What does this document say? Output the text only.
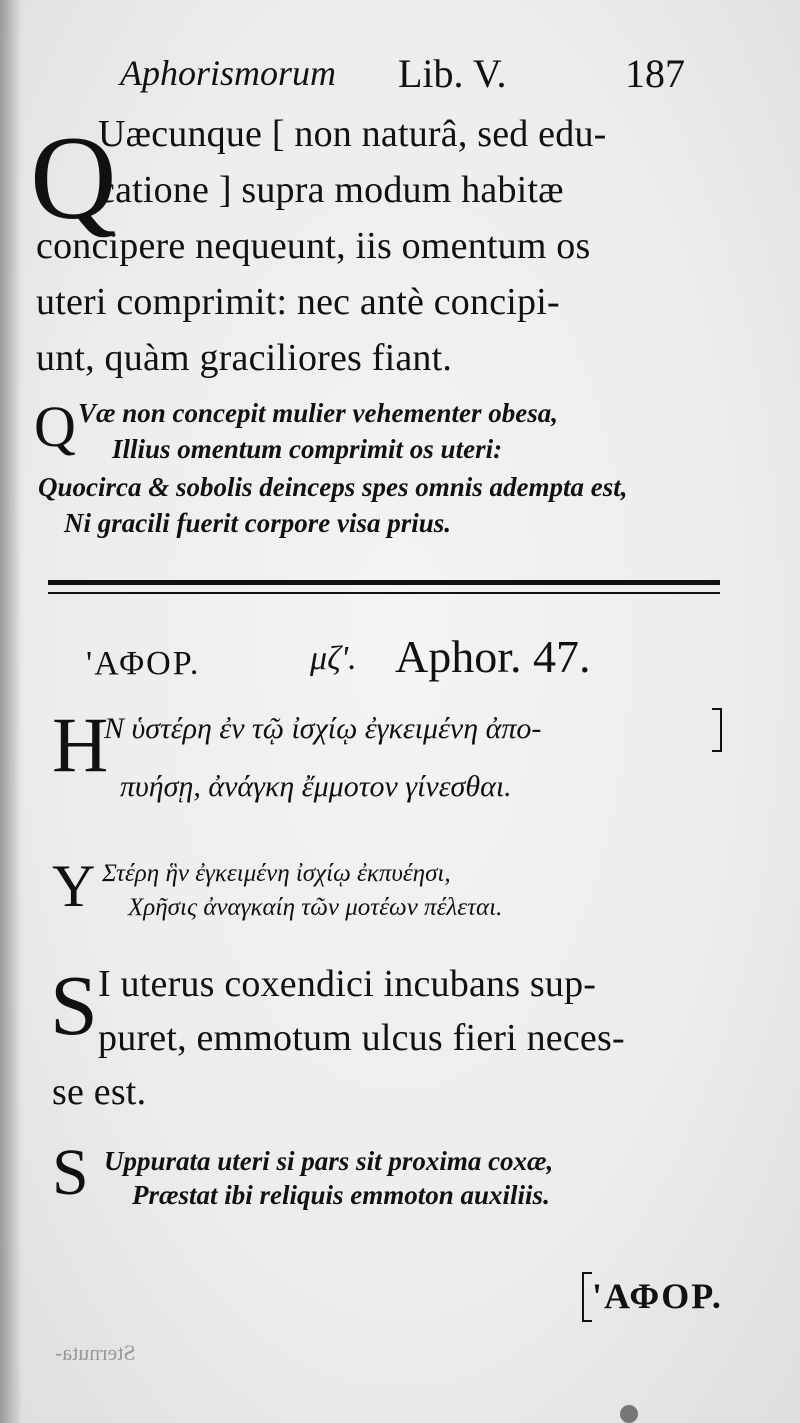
Aphorismorum Lib. V.	187
Q
Uæcunque [ non naturâ, sed edu-
catione ] supra modum habitæ
concipere nequeunt, iis omentum os
uteri comprimit: nec antè concipi-
unt, quàm graciliores fiant.
Q Væ non concepit mulier vehementer obesa,
Illius omentum comprimit os uteri:
Quocirca & sobolis deinceps spes omnis adempta est,
Ni gracili fuerit corpore visa prius.
'ΑΦΟΡ.	μζ'. Aphor. 47.
H
N ὑστέρη ἐν τῷ ἰσχίῳ ἐγκειμένη ἀπο-
πυήσῃ, ἀνάγκη ἔμμοτον γίνεσθαι.
Υ Στέρη ἣν ἐγκειμένη ἰσχίῳ ἐκπυέησι,
Χρῆσις ἀναγκαίη τῶν μοτέων πέλεται.
S I uterus coxendici incubans sup-
puret, emmotum ulcus fieri neces-
se est.
S Uppurata uteri si pars sit proxima coxæ,
Præstat ibi reliquis emmoton auxiliis.
'ΑΦΟΡ.
Sternuta-
